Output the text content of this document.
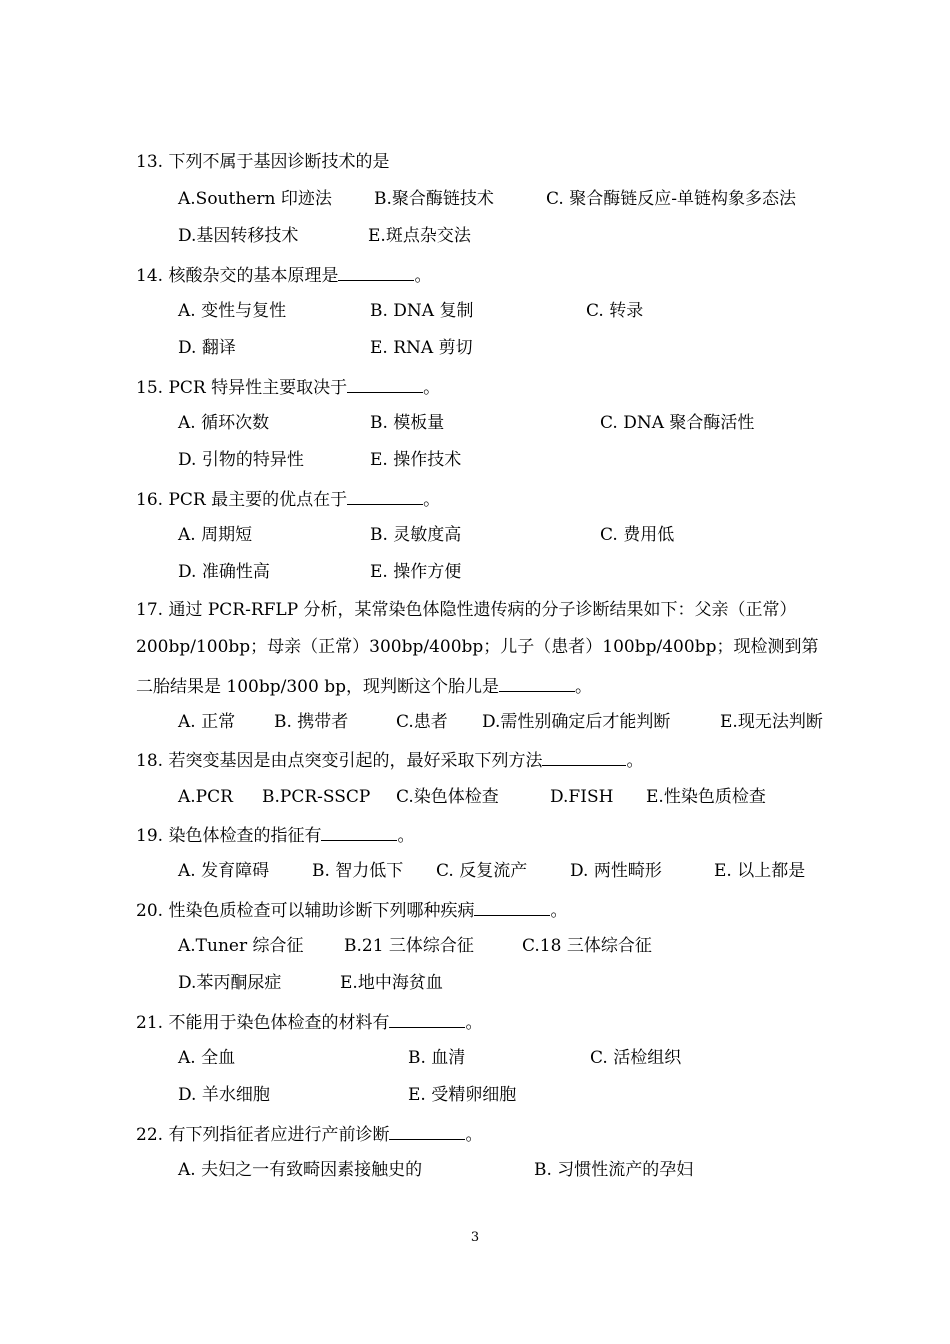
13. 下列不属于基因诊断技术的是
A.Southern 印迹法 B.聚合酶链技术	C. 聚合酶链反应-单链构象多态法
D.基因转移技术	E.斑点杂交法
14. 核酸杂交的基本原理是	。
A. 变性与复性	B. DNA 复制	C. 转录
D. 翻译	E. RNA 剪切
15. PCR 特异性主要取决于	。
A. 循环次数	B. 模板量	C. DNA 聚合酶活性
D. 引物的特异性	E. 操作技术
16. PCR 最主要的优点在于	。
A. 周期短	B. 灵敏度高	C. 费用低
D. 准确性高	E. 操作方便
17. 通过 PCR-RFLP 分析，某常染色体隐性遗传病的分子诊断结果如下：父亲（正常）
200bp/100bp；母亲（正常）300bp/400bp；儿子（患者）100bp/400bp；现检测到第
二胎结果是 100bp/300 bp，现判断这个胎儿是	。
A. 正常 B. 携带者	C.患者 D.需性别确定后才能判断	E.现无法判断
18. 若突变基因是由点突变引起的，最好采取下列方法	。
A.PCR B.PCR-SSCP C.染色体检查	D.FISH E.性染色质检查
19. 染色体检查的指征有	。
A. 发育障碍	B. 智力低下 C. 反复流产	D. 两性畸形	E. 以上都是
20. 性染色质检查可以辅助诊断下列哪种疾病	。
A.Tuner 综合征 B.21 三体综合征	C.18 三体综合征
D.苯丙酮尿症	E.地中海贫血
21. 不能用于染色体检查的材料有	。
A. 全血	B. 血清	C. 活检组织
D. 羊水细胞	E. 受精卵细胞
22. 有下列指征者应进行产前诊断	。
A. 夫妇之一有致畸因素接触史的	B. 习惯性流产的孕妇
3
